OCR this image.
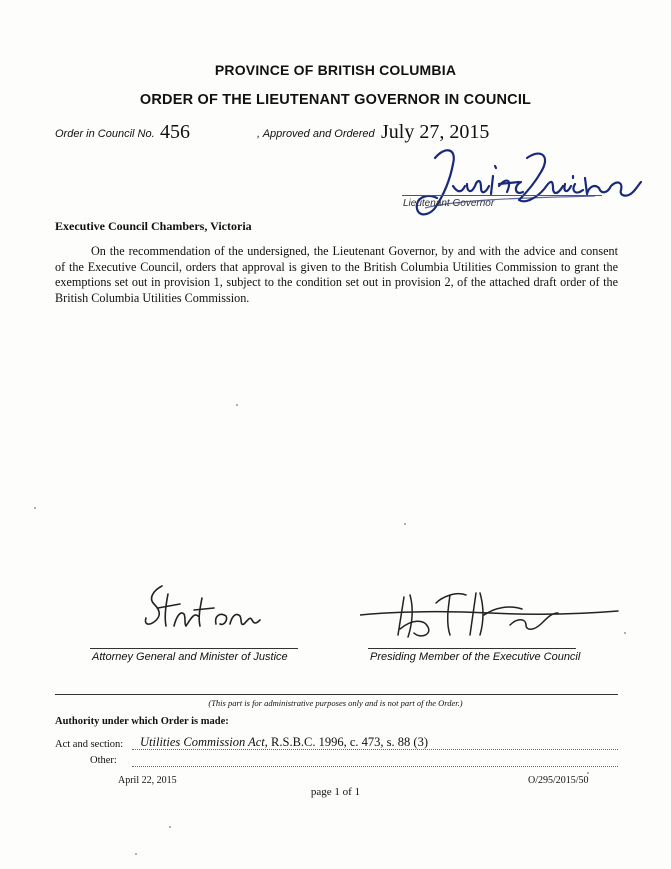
PROVINCE OF BRITISH COLUMBIA
ORDER OF THE LIEUTENANT GOVERNOR IN COUNCIL
Order in Council No. 456	, Approved and Ordered July 27, 2015
Lieutenant Governor
Executive Council Chambers, Victoria
On the recommendation of the undersigned, the Lieutenant Governor, by and with the advice and consent of the Executive Council, orders that approval is given to the British Columbia Utilities Commission to grant the exemptions set out in provision 1, subject to the condition set out in provision 2, of the attached draft order of the British Columbia Utilities Commission.
Attorney General and Minister of Justice	Presiding Member of the Executive Council
(This part is for administrative purposes only and is not part of the Order.)
Authority under which Order is made:
Act and section: Utilities Commission Act, R.S.B.C. 1996, c. 473, s. 88 (3)
Other:
April 22, 2015	O/295/2015/50
page 1 of 1
